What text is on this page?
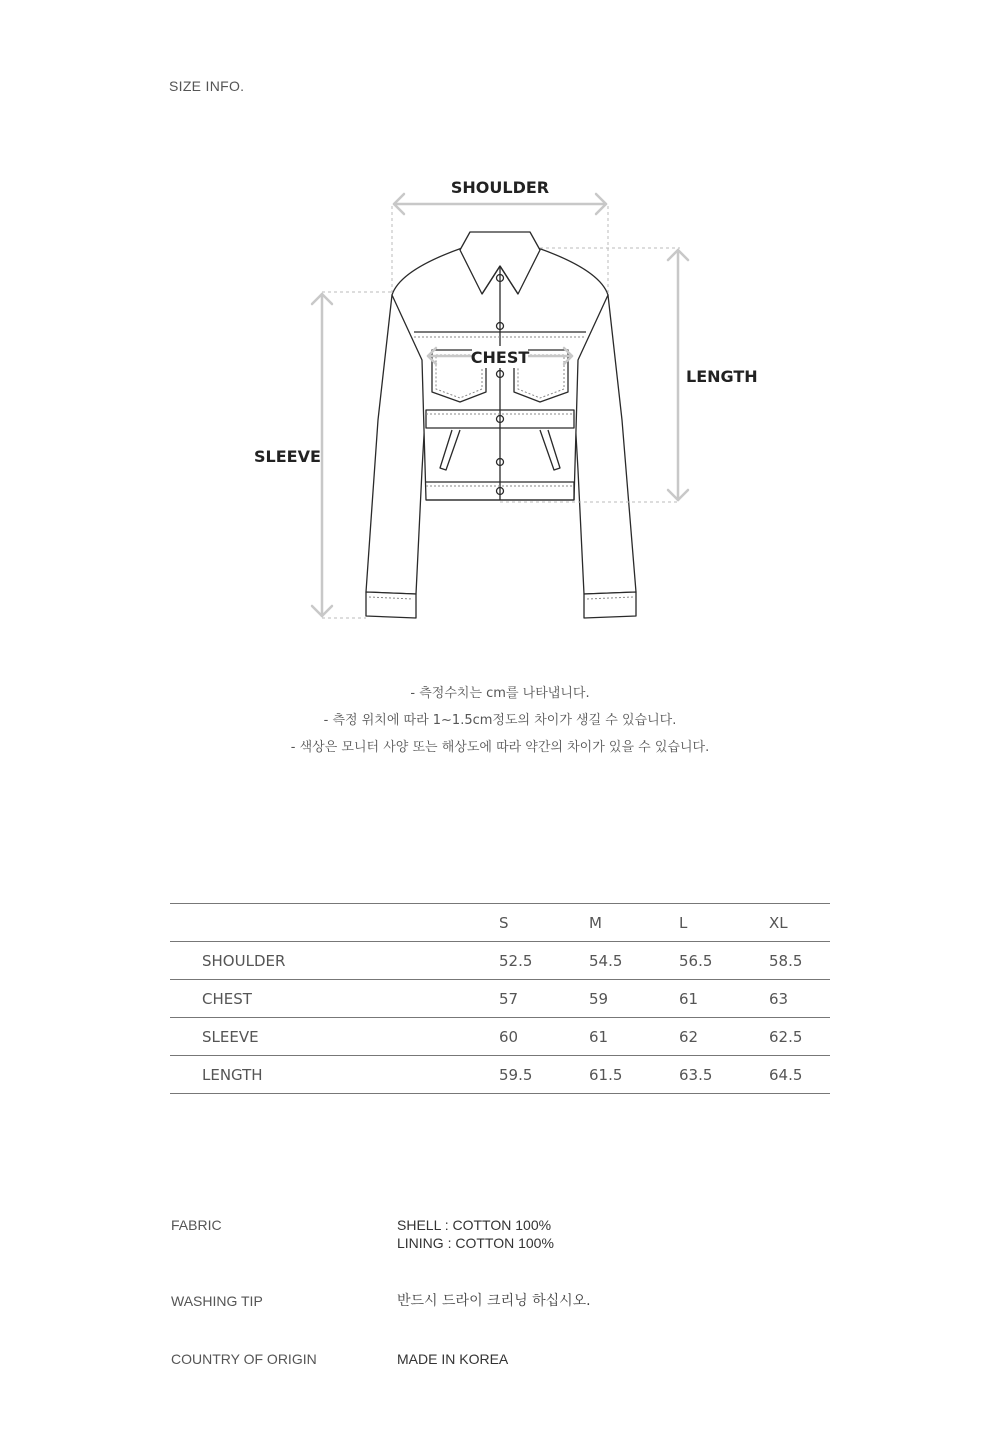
SIZE INFO.
SHOULDER
CHEST
LENGTH
SLEEVE

- 측정수치는 cm를 나타냅니다.

- 측정 위치에 따라 1~1.5cm정도의 차이가 생길 수 있습니다.

- 색상은 모니터 사양 또는 해상도에 따라 약간의 차이가 있을 수 있습니다.

	S	M	L	XL
SHOULDER	52.5	54.5	56.5	58.5
CHEST	57	59	61	63
SLEEVE	60	61	62	62.5
LENGTH	59.5	61.5	63.5	64.5
FABRIC	SHELL : COTTON 100%
LINING : COTTON 100%
WASHING TIP	반드시 드라이 크리닝 하십시오.
COUNTRY OF ORIGIN	MADE IN KOREA
